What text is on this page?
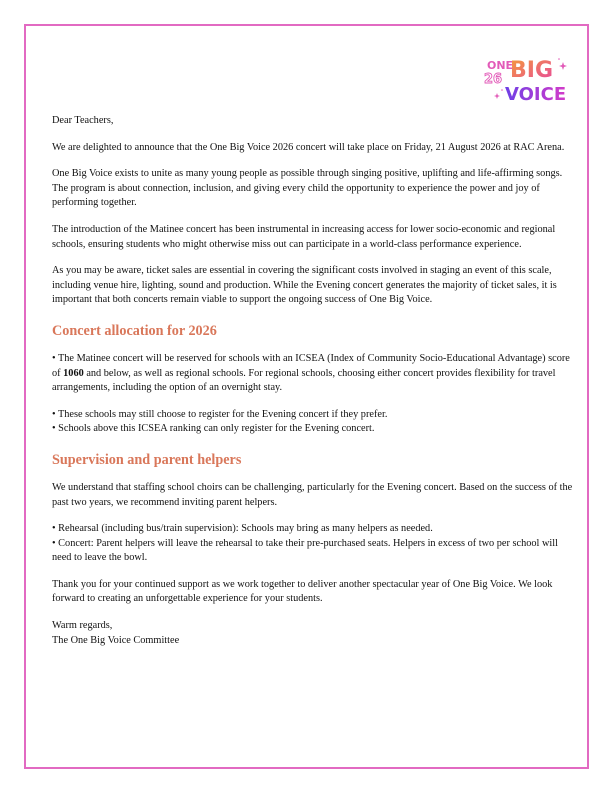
ONE
BIG
26
VOICE

Dear Teachers,

We are delighted to announce that the One Big Voice 2026 concert will take place on Friday, 21 August 2026 at RAC Arena.

One Big Voice exists to unite as many young people as possible through singing positive, uplifting and life-affirming songs. The program is about connection, inclusion, and giving every child the opportunity to experience the power and joy of performing together.

The introduction of the Matinee concert has been instrumental in increasing access for lower socio-economic and regional schools, ensuring students who might otherwise miss out can participate in a world-class performance experience.

As you may be aware, ticket sales are essential in covering the significant costs involved in staging an event of this scale, including venue hire, lighting, sound and production. While the Evening concert generates the majority of ticket sales, it is important that both concerts remain viable to support the ongoing success of One Big Voice.

Concert allocation for 2026

• The Matinee concert will be reserved for schools with an ICSEA (Index of Community Socio-Educational Advantage) score of 1060 and below, as well as regional schools. For regional schools, choosing either concert provides flexibility for travel arrangements, including the option of an overnight stay.

• These schools may still choose to register for the Evening concert if they prefer.

• Schools above this ICSEA ranking can only register for the Evening concert.

Supervision and parent helpers

We understand that staffing school choirs can be challenging, particularly for the Evening concert. Based on the success of the past two years, we recommend inviting parent helpers.

• Rehearsal (including bus/train supervision): Schools may bring as many helpers as needed.

• Concert: Parent helpers will leave the rehearsal to take their pre-purchased seats. Helpers in excess of two per school will need to leave the bowl.

Thank you for your continued support as we work together to deliver another spectacular year of One Big Voice. We look forward to creating an unforgettable experience for your students.

Warm regards,

The One Big Voice Committee
